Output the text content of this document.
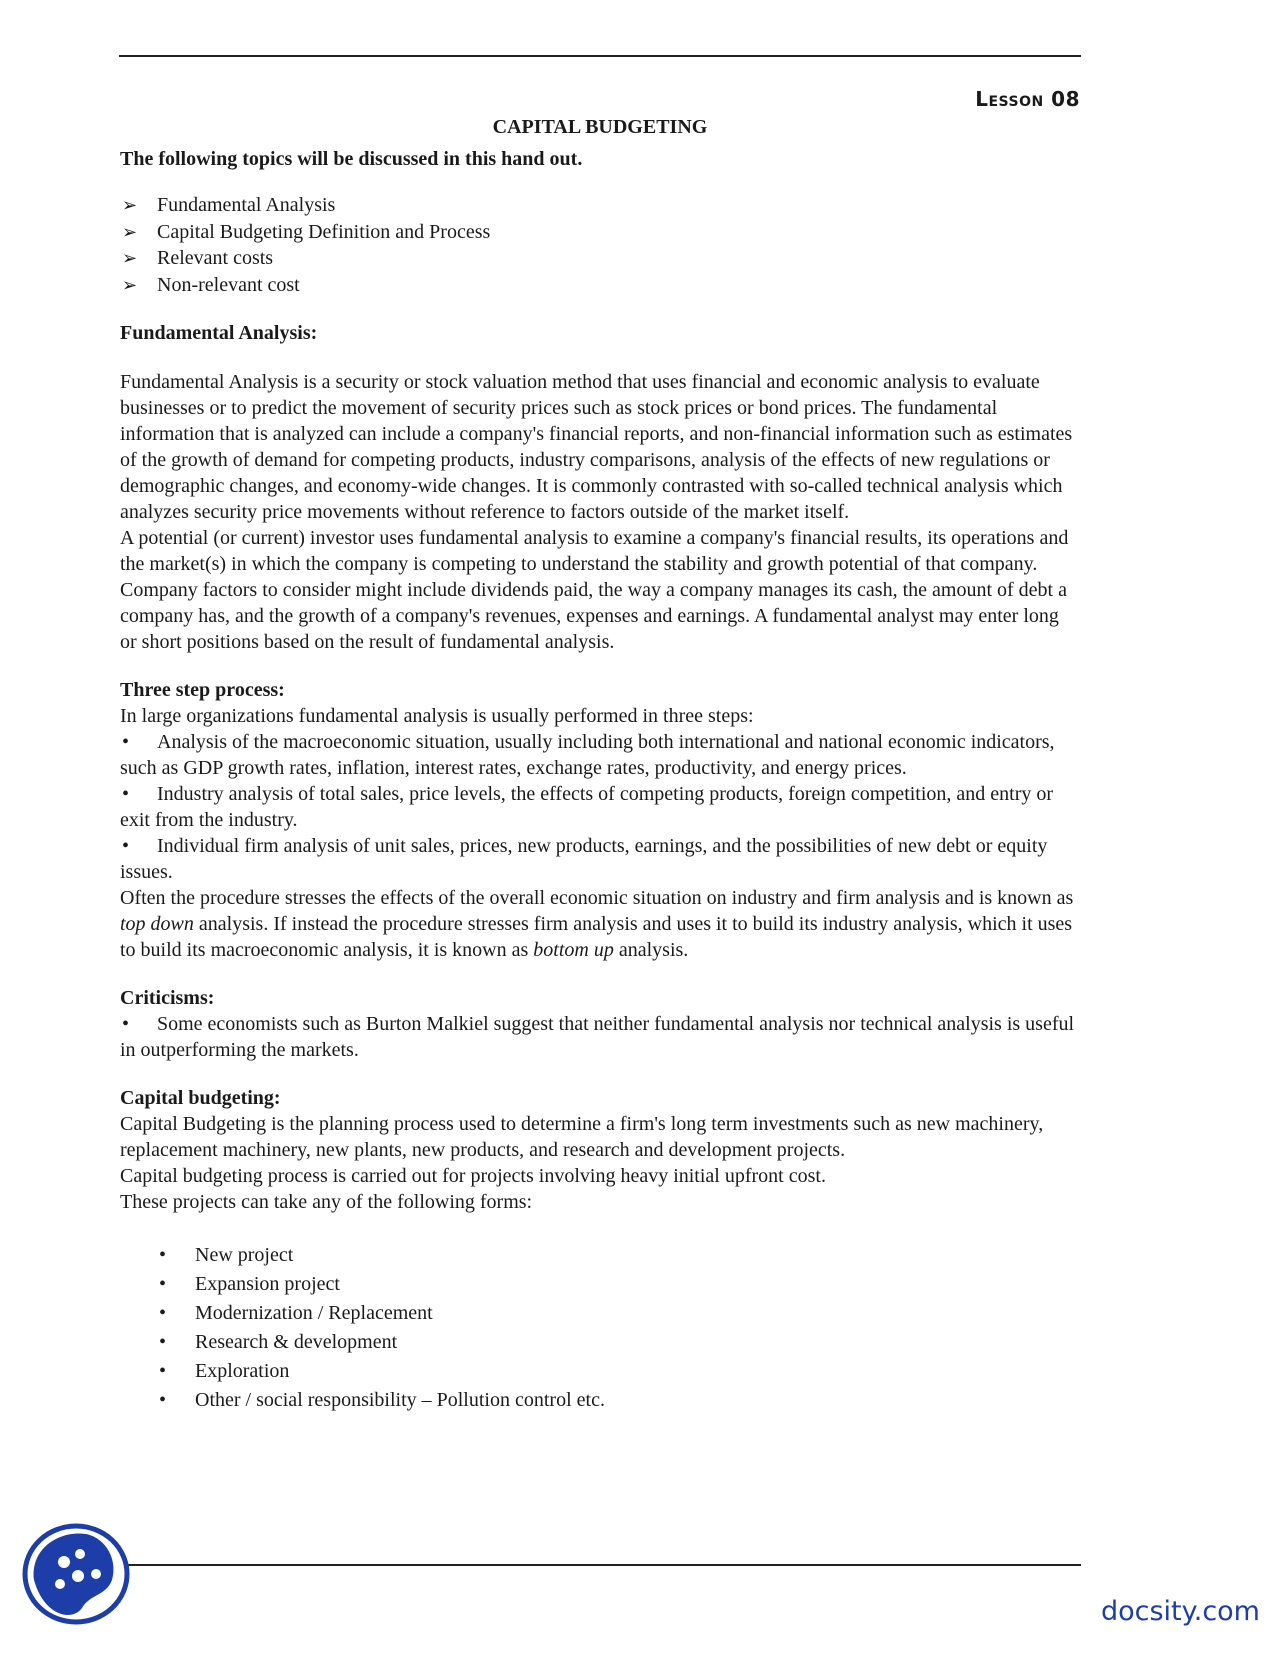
Lesson 08
CAPITAL BUDGETING

The following topics will be discussed in this hand out.

➢ Fundamental Analysis
➢ Capital Budgeting Definition and Process
➢ Relevant costs
➢ Non-relevant cost

Fundamental Analysis:

Fundamental Analysis is a security or stock valuation method that uses financial and economic analysis to evaluate businesses or to predict the movement of security prices such as stock prices or bond prices. The fundamental information that is analyzed can include a company's financial reports, and non-financial information such as estimates of the growth of demand for competing products, industry comparisons, analysis of the effects of new regulations or demographic changes, and economy-wide changes. It is commonly contrasted with so-called technical analysis which analyzes security price movements without reference to factors outside of the market itself.

A potential (or current) investor uses fundamental analysis to examine a company's financial results, its operations and the market(s) in which the company is competing to understand the stability and growth potential of that company. Company factors to consider might include dividends paid, the way a company manages its cash, the amount of debt a company has, and the growth of a company's revenues, expenses and earnings. A fundamental analyst may enter long or short positions based on the result of fundamental analysis.

Three step process:

In large organizations fundamental analysis is usually performed in three steps:

• Analysis of the macroeconomic situation, usually including both international and national economic indicators, such as GDP growth rates, inflation, interest rates, exchange rates, productivity, and energy prices.

• Industry analysis of total sales, price levels, the effects of competing products, foreign competition, and entry or exit from the industry.

• Individual firm analysis of unit sales, prices, new products, earnings, and the possibilities of new debt or equity issues.

Often the procedure stresses the effects of the overall economic situation on industry and firm analysis and is known as top down analysis. If instead the procedure stresses firm analysis and uses it to build its industry analysis, which it uses to build its macroeconomic analysis, it is known as bottom up analysis.

Criticisms:

• Some economists such as Burton Malkiel suggest that neither fundamental analysis nor technical analysis is useful in outperforming the markets.

Capital budgeting:

Capital Budgeting is the planning process used to determine a firm's long term investments such as new machinery, replacement machinery, new plants, new products, and research and development projects.

Capital budgeting process is carried out for projects involving heavy initial upfront cost.

These projects can take any of the following forms:

• New project
• Expansion project
• Modernization / Replacement
• Research & development
• Exploration
• Other / social responsibility – Pollution control etc.
docsity.com
